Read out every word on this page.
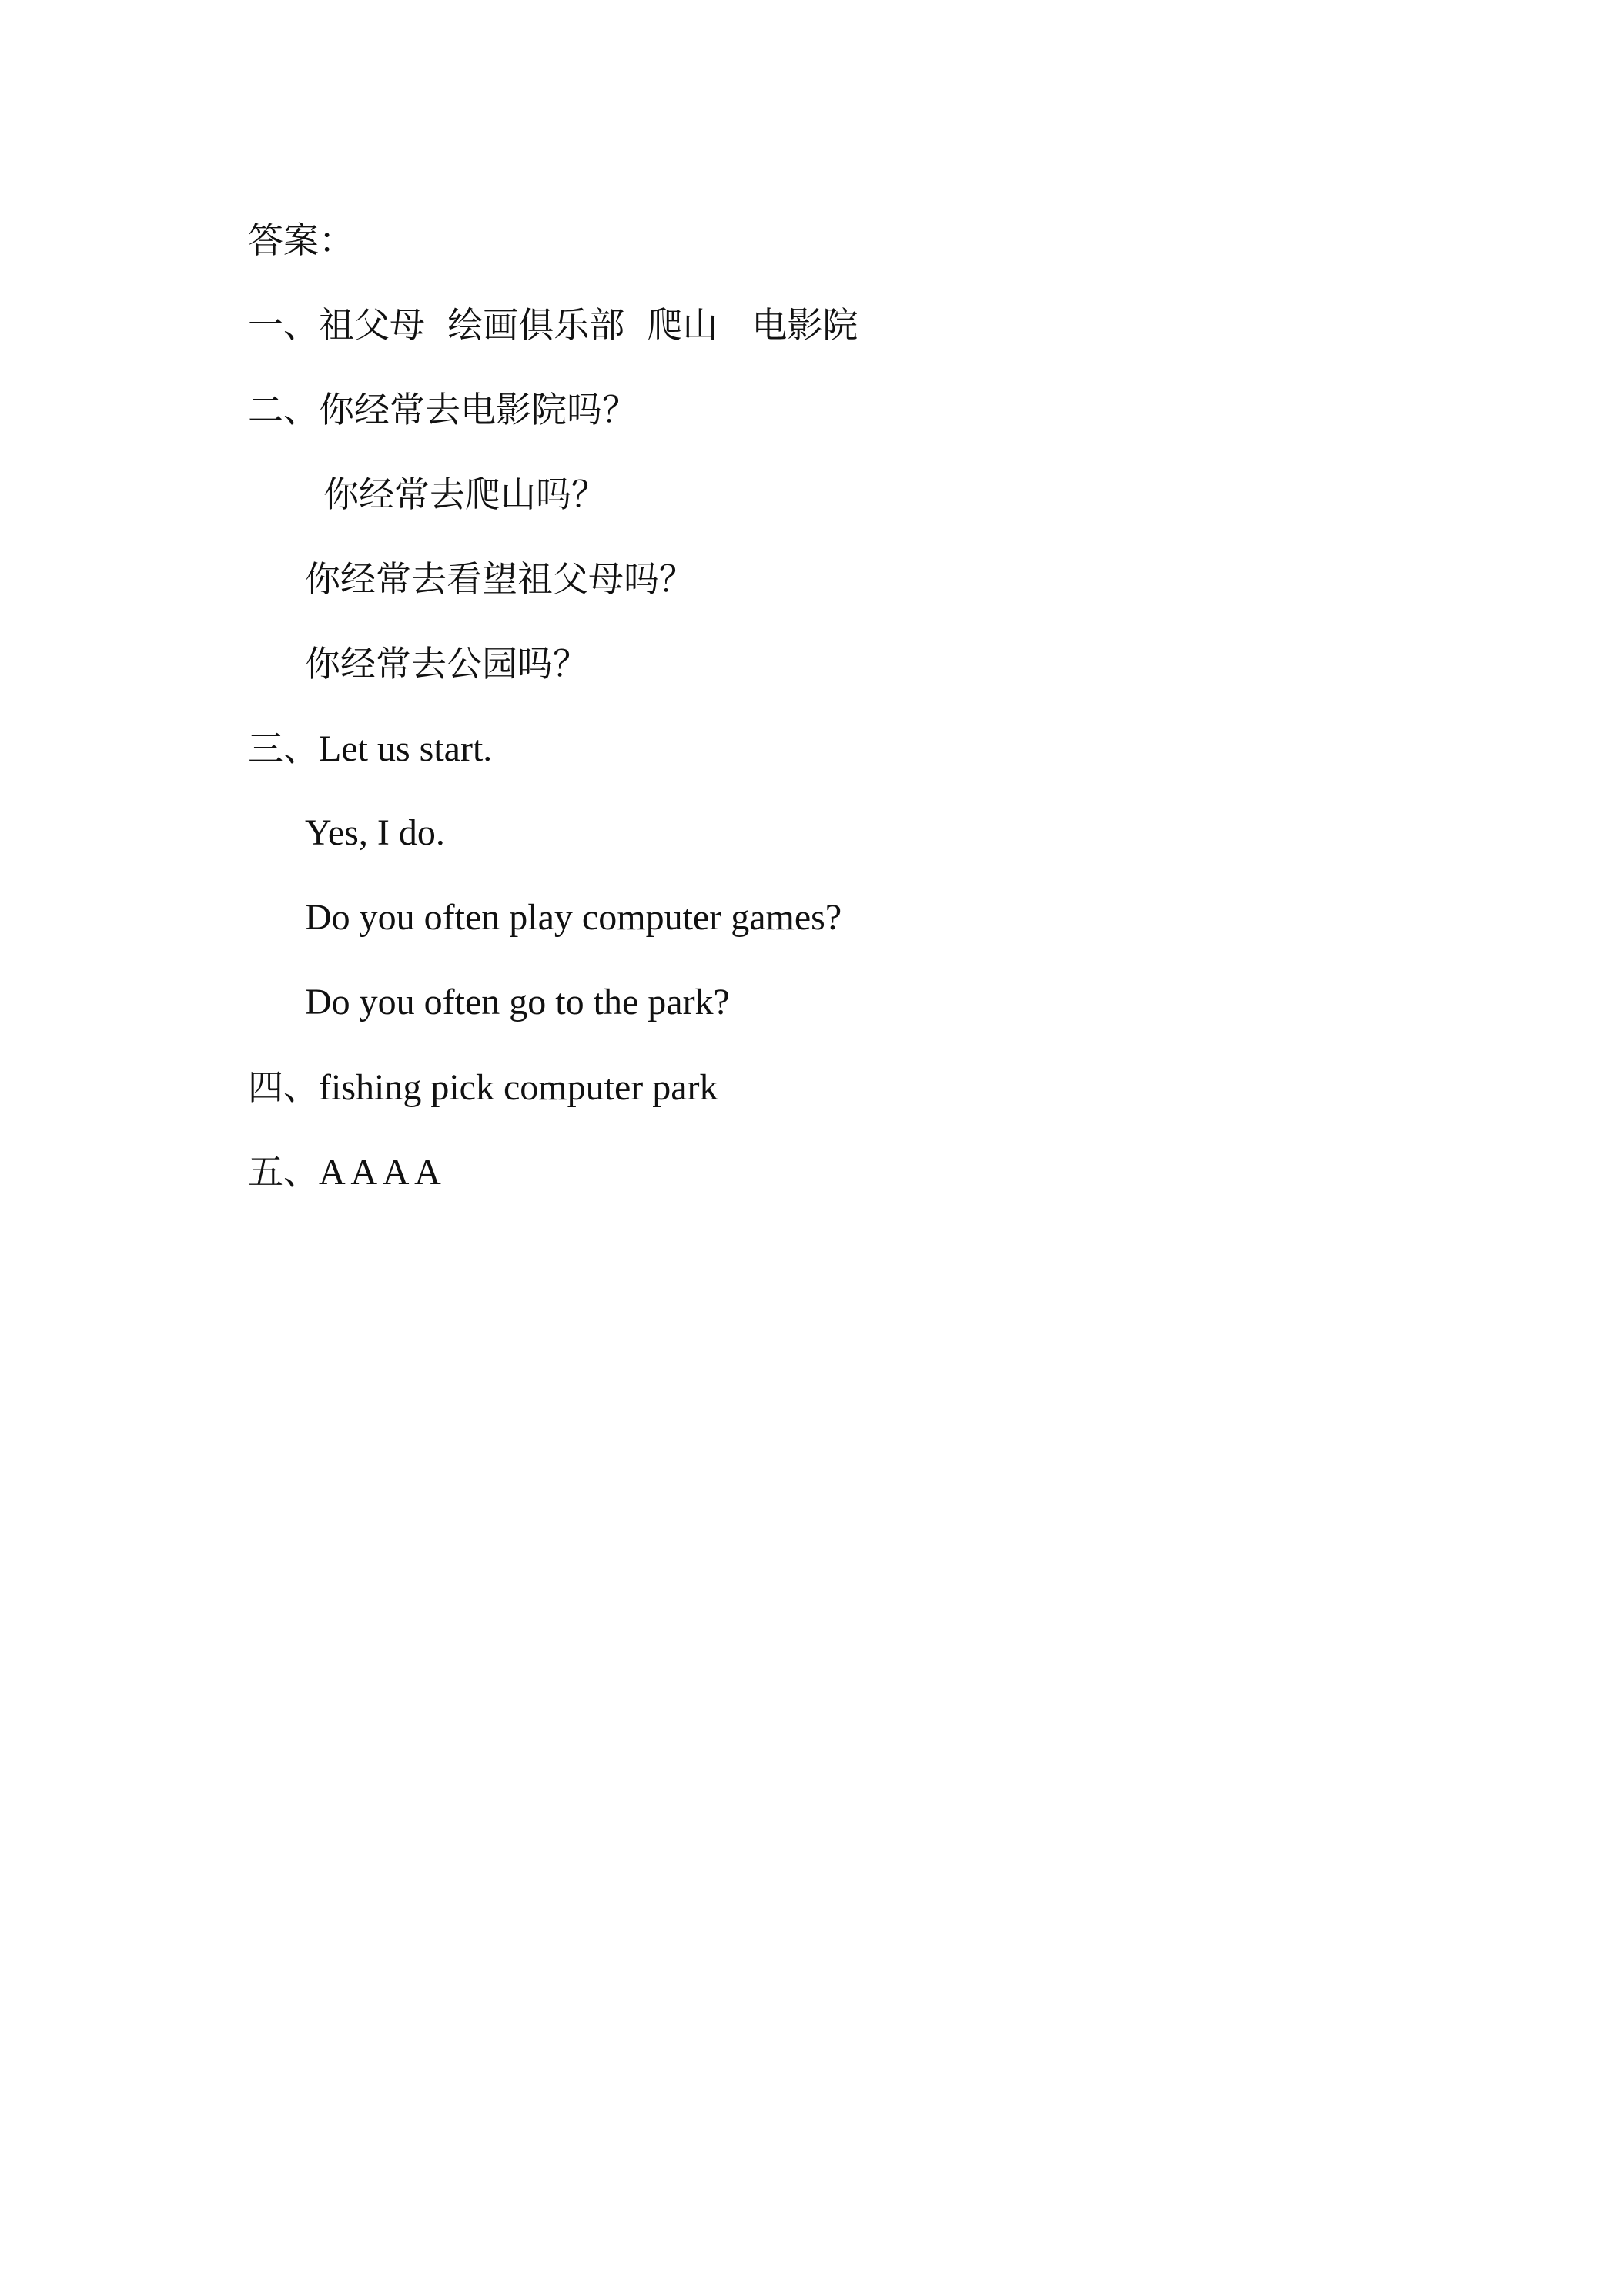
答案：

一、祖父母  绘画俱乐部  爬山   电影院

二、你经常去电影院吗？

你经常去爬山吗？

你经常去看望祖父母吗？

你经常去公园吗？

三、Let us start.

Yes, I do.

Do you often play computer games?

Do you often go to the park?

四、fishing pick computer park

五、A A A A
